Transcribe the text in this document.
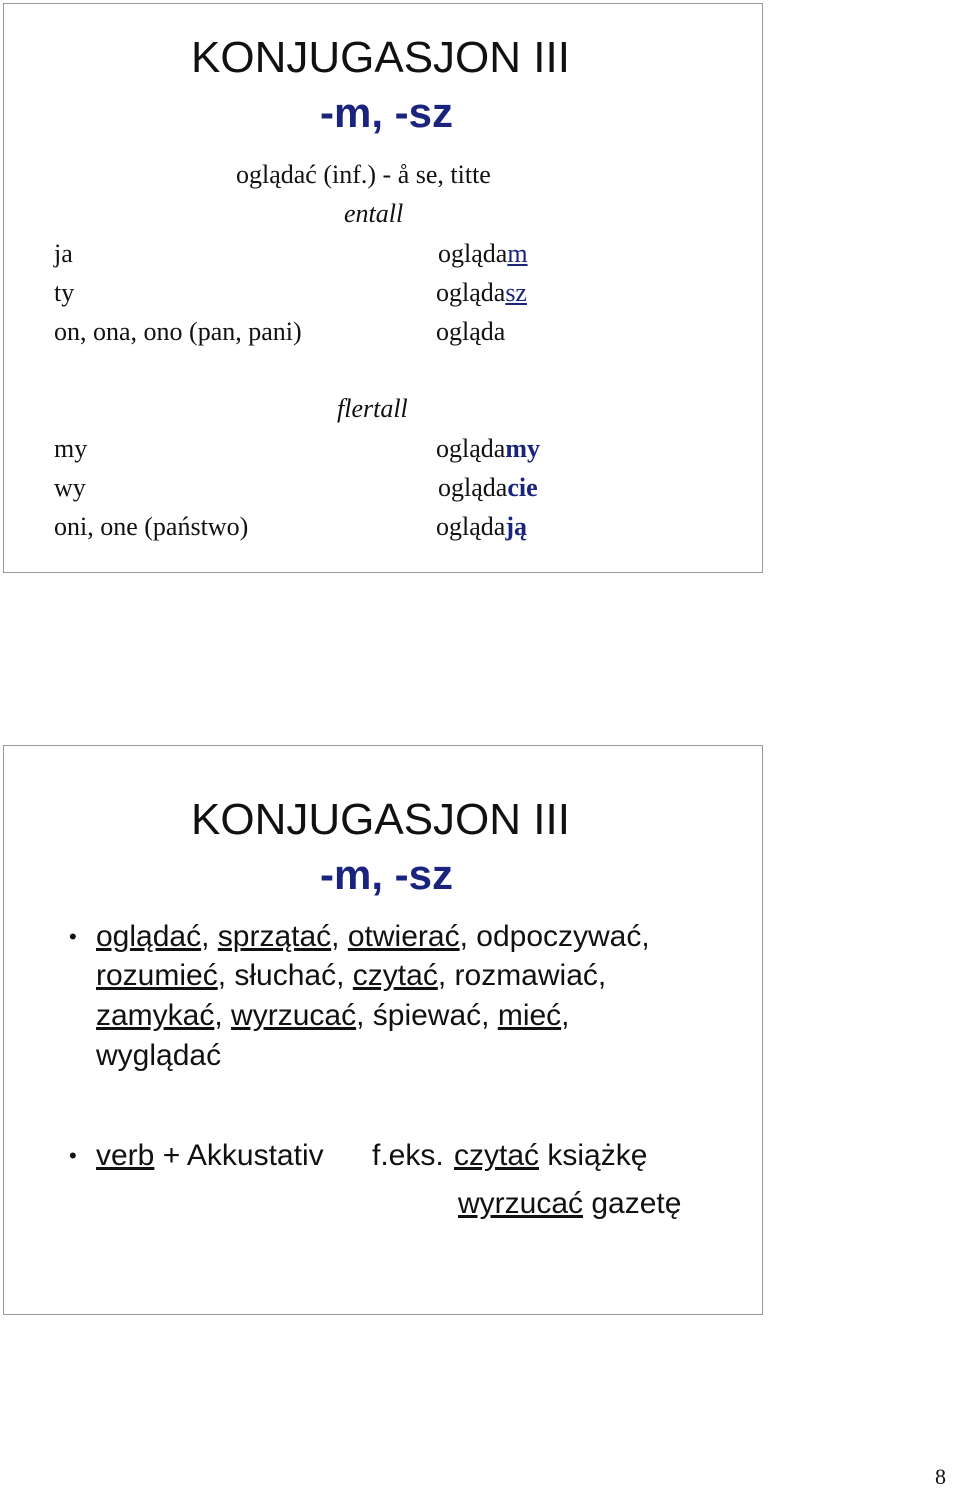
KONJUGASJON III
-m, -sz
oglądać (inf.) - å se, titte
entall
ja	oglądam
ty	oglądasz
on, ona, ono (pan, pani)	ogląda
flertall
my	oglądamy
wy	oglądacie
oni, one (państwo)	oglądają
KONJUGASJON III
-m, -sz
• oglądać, sprzątać, otwierać, odpoczywać,
rozumieć, słuchać, czytać, rozmawiać,
zamykać, wyrzucać, śpiewać, mieć,
wyglądać
• verb + Akkustativ f.eks. czytać książkę
wyrzucać gazetę
8
